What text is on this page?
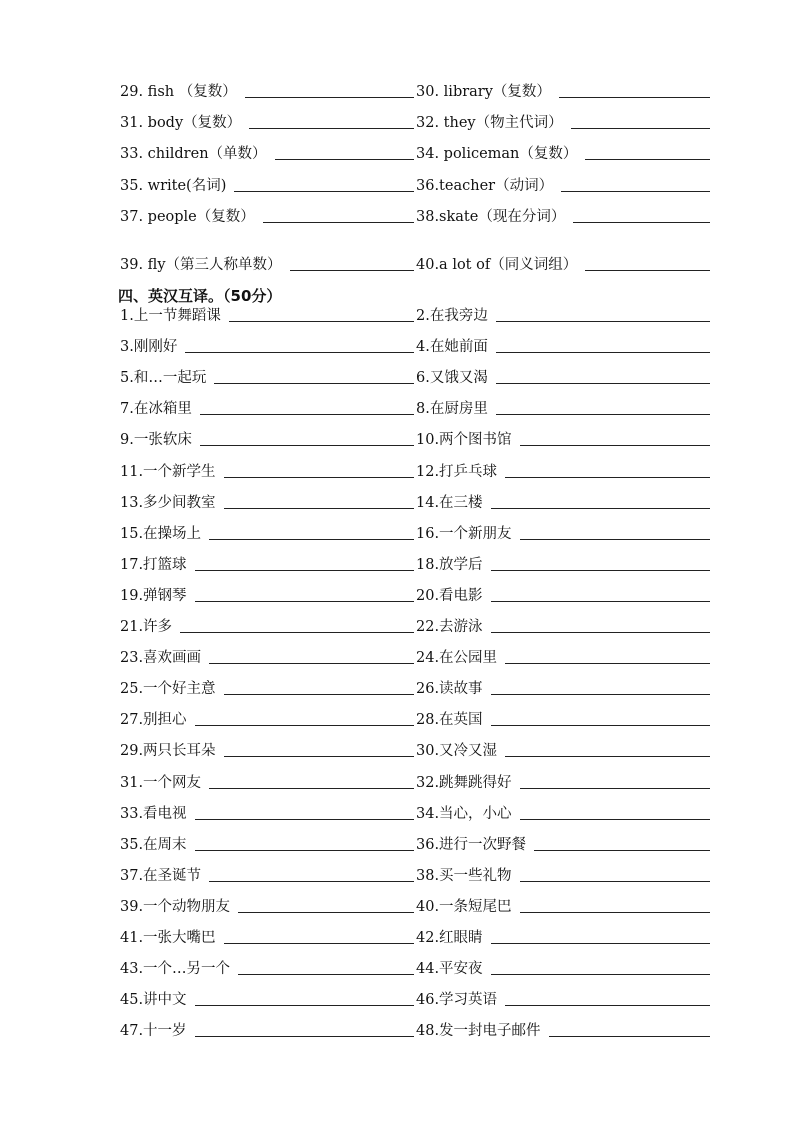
29. fish （复数）	30. library（复数）
31. body（复数）	32. they（物主代词）
33. children（单数）	34. policeman（复数）
35. write(名词)	36.teacher（动词）
37. people（复数）	38.skate（现在分词）
39. fly（第三人称单数）	40.a lot of（同义词组）
四、英汉互译。（50分）
1.上一节舞蹈课	2.在我旁边
3.刚刚好	4.在她前面
5.和…一起玩	6.又饿又渴
7.在冰箱里	8.在厨房里
9.一张软床	10.两个图书馆
11.一个新学生	12.打乒乓球
13.多少间教室	14.在三楼
15.在操场上	16.一个新朋友
17.打篮球	18.放学后
19.弹钢琴	20.看电影
21.许多	22.去游泳
23.喜欢画画	24.在公园里
25.一个好主意	26.读故事
27.别担心	28.在英国
29.两只长耳朵	30.又冷又湿
31.一个网友	32.跳舞跳得好
33.看电视	34.当心，小心
35.在周末	36.进行一次野餐
37.在圣诞节	38.买一些礼物
39.一个动物朋友	40.一条短尾巴
41.一张大嘴巴	42.红眼睛
43.一个…另一个	44.平安夜
45.讲中文	46.学习英语
47.十一岁	48.发一封电子邮件
